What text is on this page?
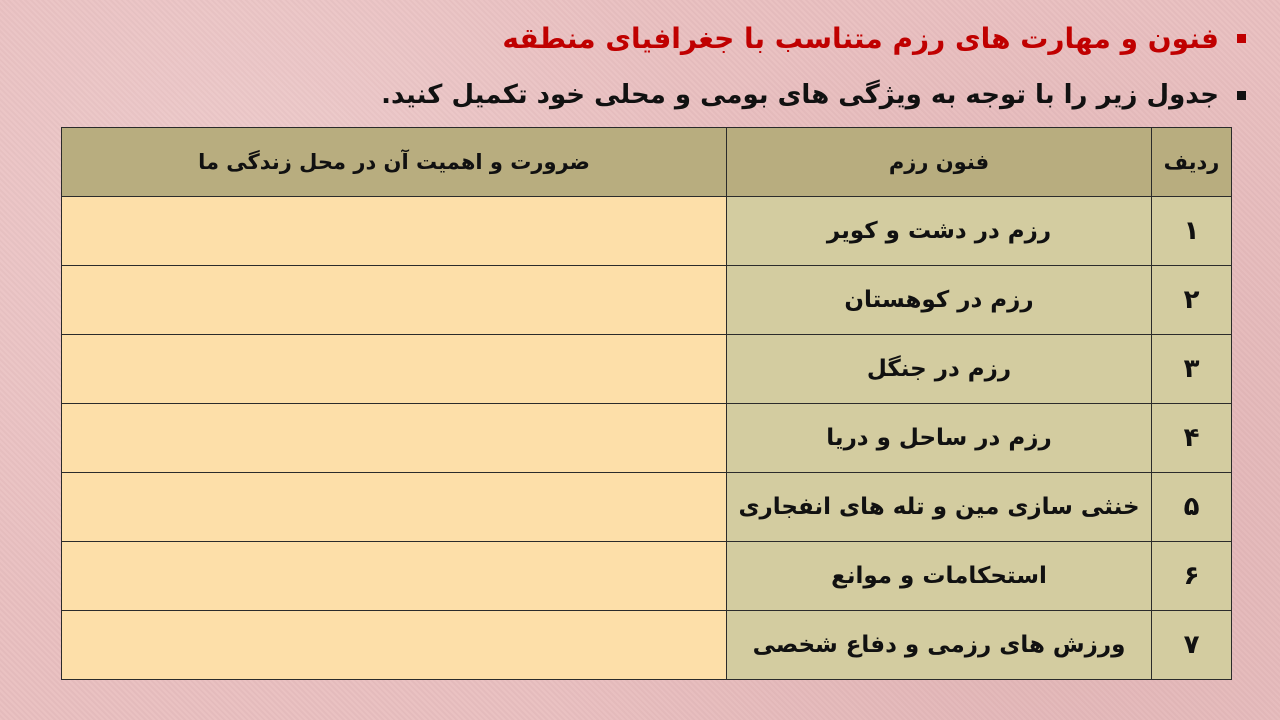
فنون و مهارت های رزم متناسب با جغرافیای منطقه
جدول زیر را با توجه به ویژگی های بومی و محلی خود تکمیل کنید.
ردیف	فنون رزم	ضرورت و اهمیت آن در محل زندگی ما
۱	رزم در دشت و کویر	
۲	رزم در کوهستان	
۳	رزم در جنگل	
۴	رزم در ساحل و دریا	
۵	خنثی سازی مین و تله های انفجاری	
۶	استحکامات و موانع	
۷	ورزش های رزمی و دفاع شخصی	
